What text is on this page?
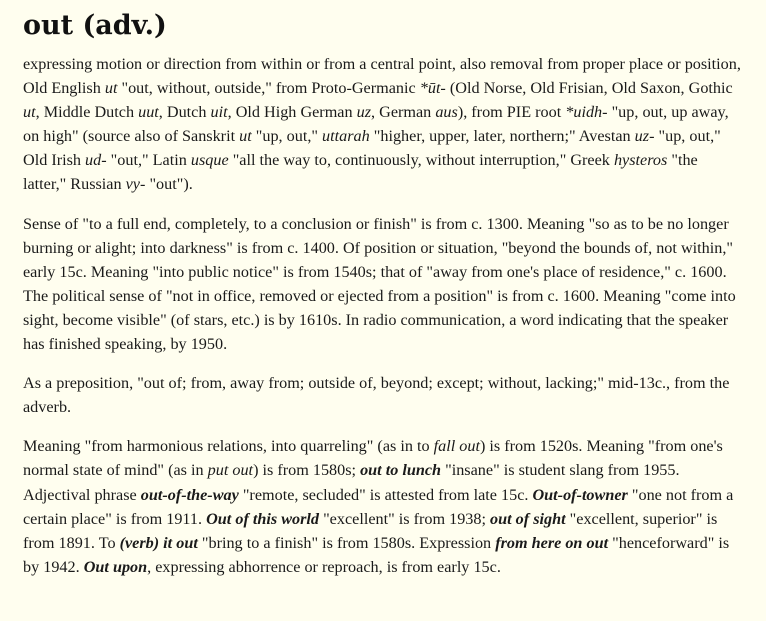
out (adv.)

expressing motion or direction from within or from a central point, also removal from proper place or position, Old English ut "out, without, outside," from Proto-Germanic *ūt- (Old Norse, Old Frisian, Old Saxon, Gothic ut, Middle Dutch uut, Dutch uit, Old High German uz, German aus), from PIE root *uidh- "up, out, up away, on high" (source also of Sanskrit ut "up, out," uttarah "higher, upper, later, northern;" Avestan uz- "up, out," Old Irish ud- "out," Latin usque "all the way to, continuously, without interruption," Greek hysteros "the latter," Russian vy- "out").

Sense of "to a full end, completely, to a conclusion or finish" is from c. 1300. Meaning "so as to be no longer burning or alight; into darkness" is from c. 1400. Of position or situation, "beyond the bounds of, not within," early 15c. Meaning "into public notice" is from 1540s; that of "away from one's place of residence," c. 1600. The political sense of "not in office, removed or ejected from a position" is from c. 1600. Meaning "come into sight, become visible" (of stars, etc.) is by 1610s. In radio communication, a word indicating that the speaker has finished speaking, by 1950.

As a preposition, "out of; from, away from; outside of, beyond; except; without, lacking;" mid-13c., from the adverb.

Meaning "from harmonious relations, into quarreling" (as in to fall out) is from 1520s. Meaning "from one's normal state of mind" (as in put out) is from 1580s; out to lunch "insane" is student slang from 1955. Adjectival phrase out-of-the-way "remote, secluded" is attested from late 15c. Out-of-towner "one not from a certain place" is from 1911. Out of this world "excellent" is from 1938; out of sight "excellent, superior" is from 1891. To (verb) it out "bring to a finish" is from 1580s. Expression from here on out "henceforward" is by 1942. Out upon, expressing abhorrence or reproach, is from early 15c.
